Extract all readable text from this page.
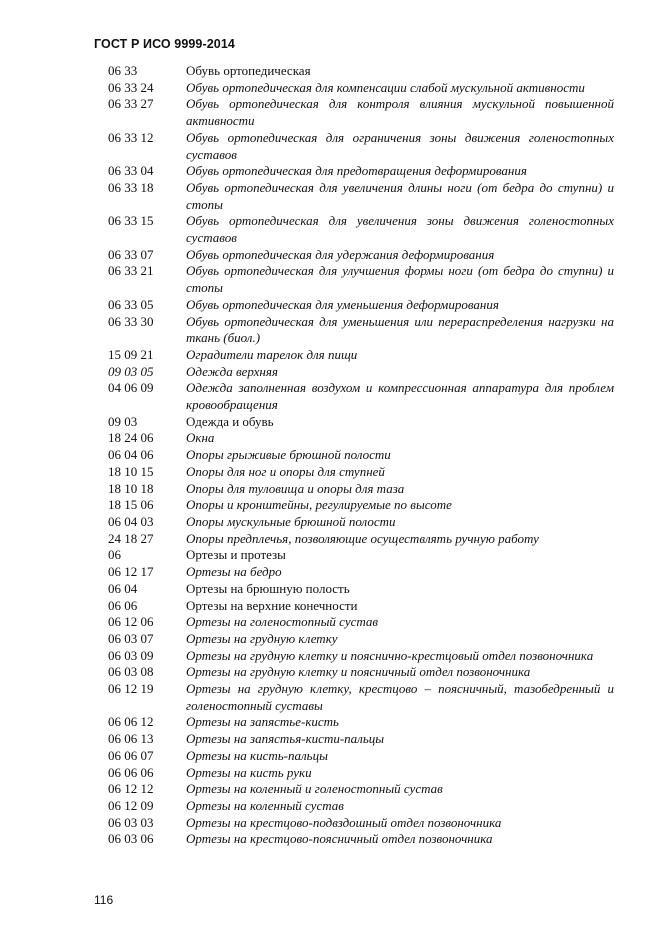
ГОСТ Р ИСО 9999-2014
06 33	Обувь ортопедическая
06 33 24	Обувь ортопедическая для компенсации слабой мускульной активности
06 33 27	Обувь ортопедическая для контроля влияния мускульной повышенной активности
06 33 12	Обувь ортопедическая для ограничения зоны движения голеностопных суставов
06 33 04	Обувь ортопедическая для предотвращения деформирования
06 33 18	Обувь ортопедическая для увеличения длины ноги (от бедра до ступни) и стопы
06 33 15	Обувь ортопедическая для увеличения зоны движения голеностопных суставов
06 33 07	Обувь ортопедическая для удержания деформирования
06 33 21	Обувь ортопедическая для улучшения формы ноги (от бедра до ступни) и стопы
06 33 05	Обувь ортопедическая для уменьшения деформирования
06 33 30	Обувь ортопедическая для уменьшения или перераспределения нагрузки на ткань (биол.)
15 09 21	Оградители тарелок для пищи
09 03 05	Одежда верхняя
04 06 09	Одежда заполненная воздухом и компрессионная аппаратура для проблем кровообращения
09 03	Одежда и обувь
18 24 06	Окна
06 04 06	Опоры грыживые брюшной полости
18 10 15	Опоры для ног и опоры для ступней
18 10 18	Опоры для туловища и опоры для таза
18 15 06	Опоры и кронштейны, регулируемые по высоте
06 04 03	Опоры мускульные брюшной полости
24 18 27	Опоры предплечья, позволяющие осуществлять ручную работу
06	Ортезы и протезы
06 12 17	Ортезы на бедро
06 04	Ортезы на брюшную полость
06 06	Ортезы на верхние конечности
06 12 06	Ортезы на голеностопный сустав
06 03 07	Ортезы на грудную клетку
06 03 09	Ортезы на грудную клетку и пояснично-крестцовый отдел позвоночника
06 03 08	Ортезы на грудную клетку и поясничный отдел позвоночника
06 12 19	Ортезы на грудную клетку, крестцово – поясничный, тазобедренный и голеностопный суставы
06 06 12	Ортезы на запястье-кисть
06 06 13	Ортезы на запястья-кисти-пальцы
06 06 07	Ортезы на кисть-пальцы
06 06 06	Ортезы на кисть руки
06 12 12	Ортезы на коленный и голеностопный сустав
06 12 09	Ортезы на коленный сустав
06 03 03	Ортезы на крестцово-подвздошный отдел позвоночника
06 03 06	Ортезы на крестцово-поясничный отдел позвоночника
116
